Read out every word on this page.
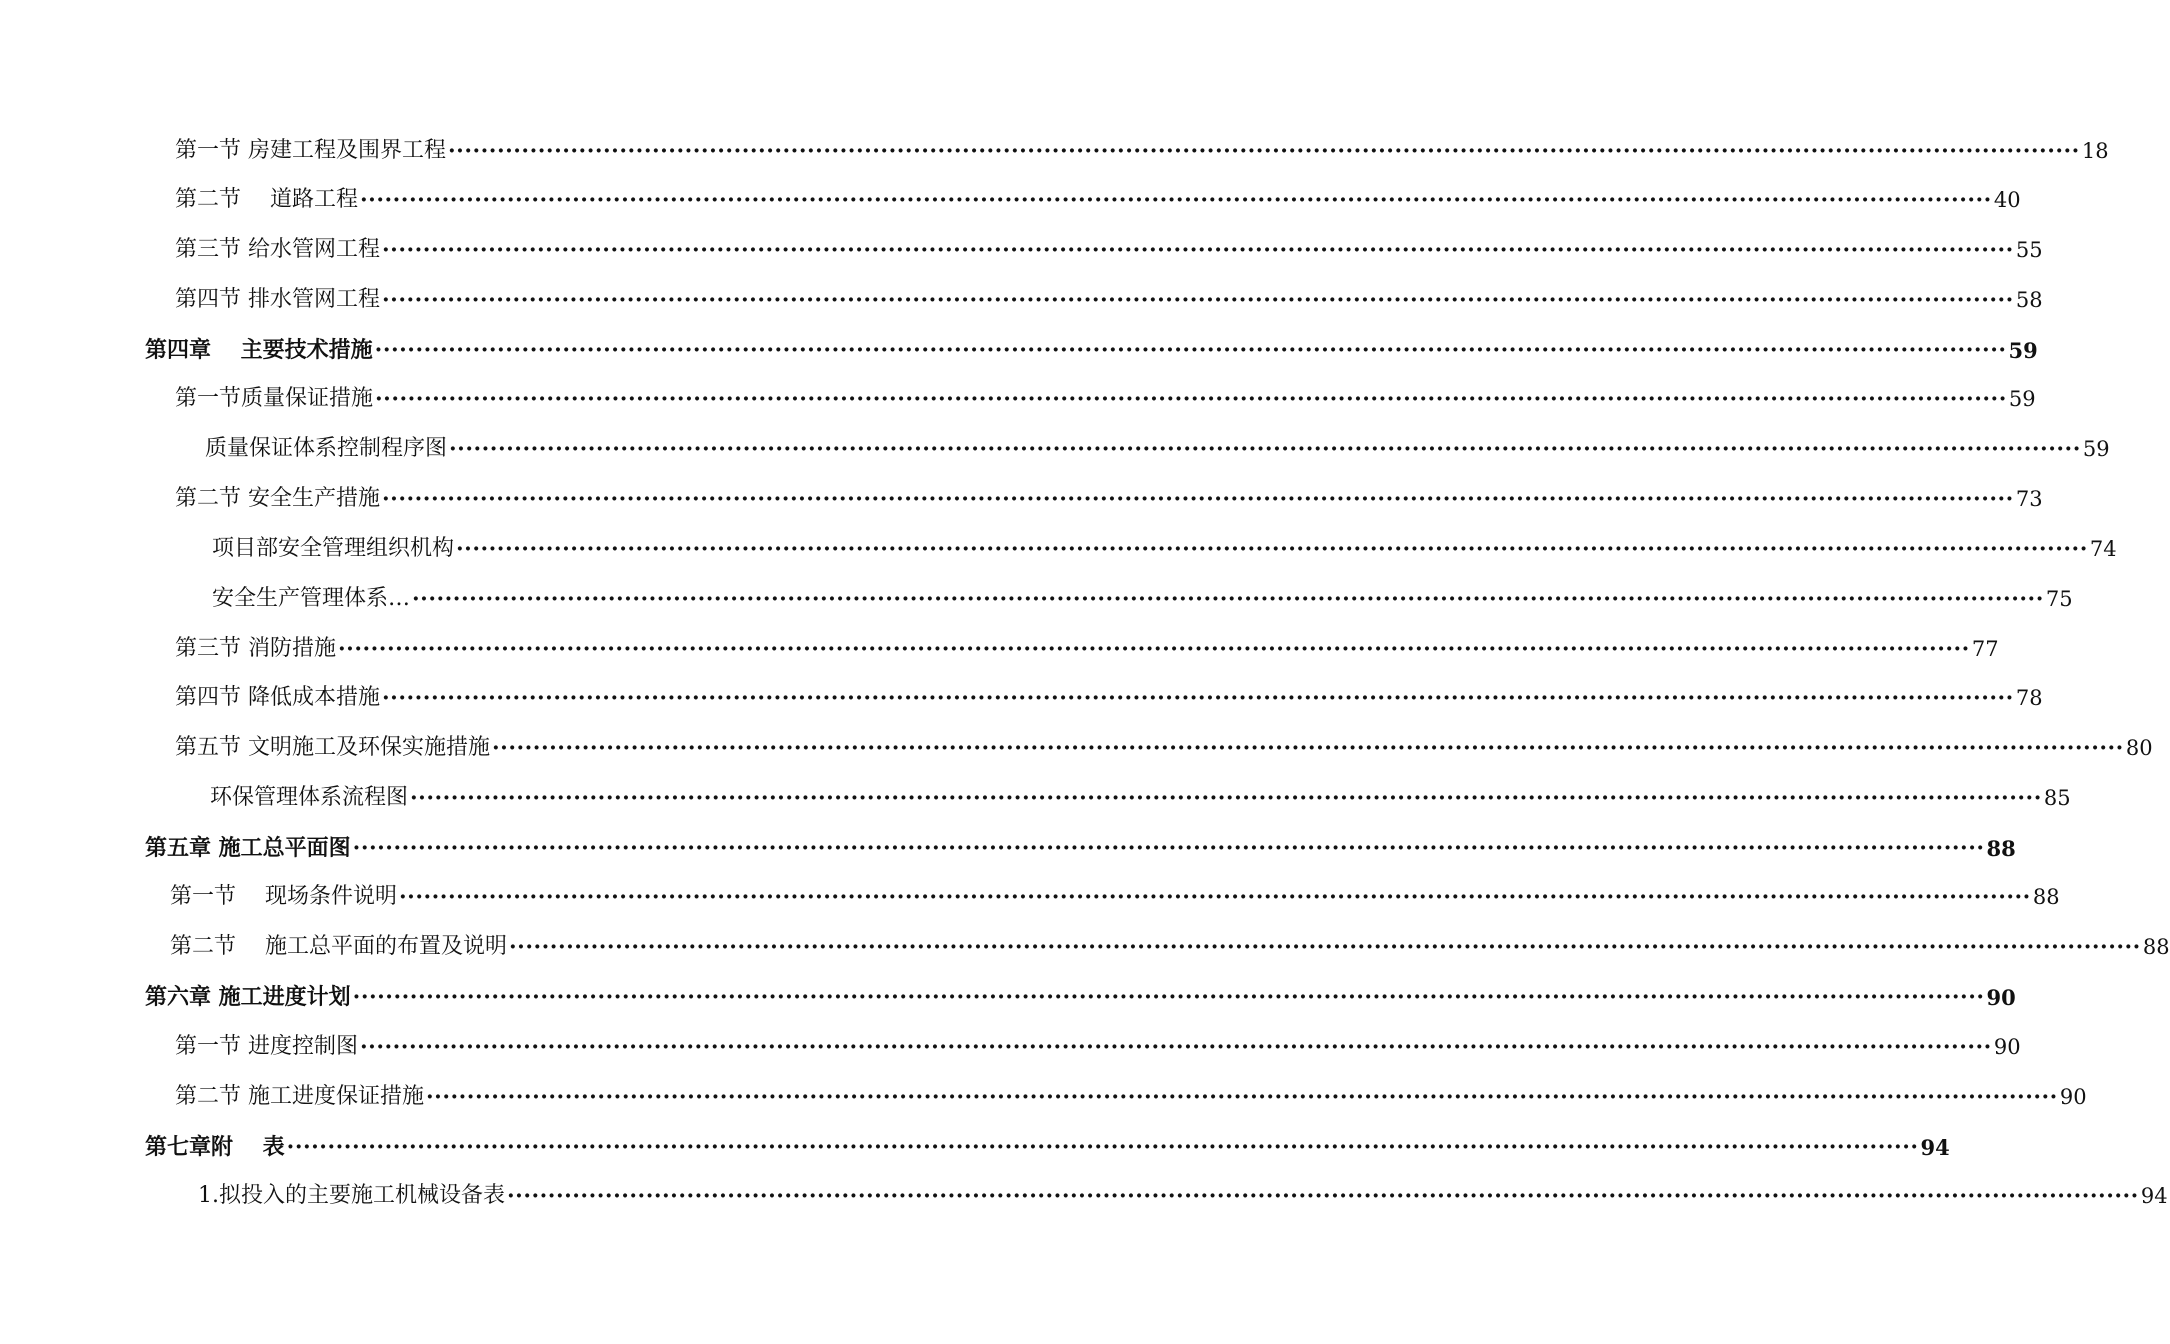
第一节 房建工程及围界工程 ········································································································································································································ 18
第二节　 道路工程 ········································································································································································································ 40
第三节 给水管网工程 ········································································································································································································ 55
第四节 排水管网工程 ········································································································································································································ 58
第四章　 主要技术措施 ········································································································································································································ 59
第一节质量保证措施 ········································································································································································································ 59
质量保证体系控制程序图 ········································································································································································································ 59
第二节 安全生产措施 ········································································································································································································ 73
项目部安全管理组织机构 ········································································································································································································ 74
安全生产管理体系… ········································································································································································································ 75
第三节 消防措施 ········································································································································································································ 77
第四节 降低成本措施 ········································································································································································································ 78
第五节 文明施工及环保实施措施 ········································································································································································································ 80
环保管理体系流程图 ········································································································································································································ 85
第五章 施工总平面图 ········································································································································································································ 88
第一节　 现场条件说明 ········································································································································································································ 88
第二节　 施工总平面的布置及说明 ········································································································································································································ 88
第六章 施工进度计划 ········································································································································································································ 90
第一节 进度控制图 ········································································································································································································ 90
第二节 施工进度保证措施 ········································································································································································································ 90
第七章附　 表 ········································································································································································································ 94
1.拟投入的主要施工机械设备表 ········································································································································································································ 94
